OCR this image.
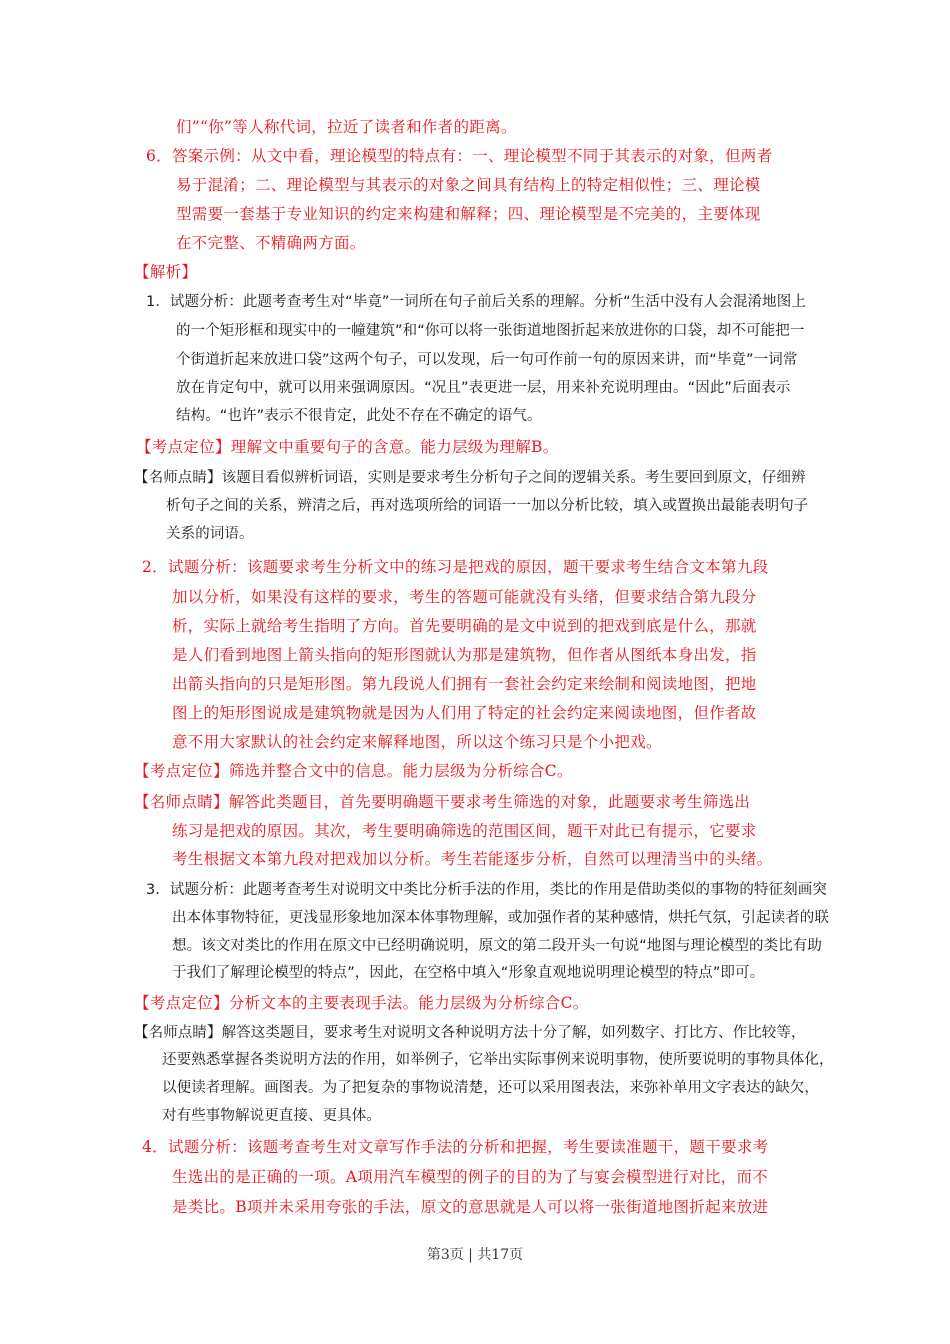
们”“你”等人称代词，拉近了读者和作者的距离。
6．答案示例：从文中看，理论模型的特点有：一、理论模型不同于其表示的对象，但两者
易于混淆；二、理论模型与其表示的对象之间具有结构上的特定相似性；三、理论模
型需要一套基于专业知识的约定来构建和解释；四、理论模型是不完美的，主要体现
在不完整、不精确两方面。
【解析】
1．试题分析：此题考查考生对“毕竟”一词所在句子前后关系的理解。分析“生活中没有人会混淆地图上
的一个矩形框和现实中的一幢建筑”和“你可以将一张街道地图折起来放进你的口袋，却不可能把一
个街道折起来放进口袋”这两个句子，可以发现，后一句可作前一句的原因来讲，而“毕竟”一词常
放在肯定句中，就可以用来强调原因。“况且”表更进一层，用来补充说明理由。“因此”后面表示
结构。“也许”表示不很肯定，此处不存在不确定的语气。
【考点定位】理解文中重要句子的含意。能力层级为理解B。
【名师点睛】该题目看似辨析词语，实则是要求考生分析句子之间的逻辑关系。考生要回到原文，仔细辨
析句子之间的关系，辨清之后，再对选项所给的词语一一加以分析比较，填入或置换出最能表明句子
关系的词语。
2．试题分析：该题要求考生分析文中的练习是把戏的原因，题干要求考生结合文本第九段
加以分析，如果没有这样的要求，考生的答题可能就没有头绪，但要求结合第九段分
析，实际上就给考生指明了方向。首先要明确的是文中说到的把戏到底是什么，那就
是人们看到地图上箭头指向的矩形图就认为那是建筑物，但作者从图纸本身出发，指
出箭头指向的只是矩形图。第九段说人们拥有一套社会约定来绘制和阅读地图，把地
图上的矩形图说成是建筑物就是因为人们用了特定的社会约定来阅读地图，但作者故
意不用大家默认的社会约定来解释地图，所以这个练习只是个小把戏。
【考点定位】筛选并整合文中的信息。能力层级为分析综合C。
【名师点睛】解答此类题目，首先要明确题干要求考生筛选的对象，此题要求考生筛选出
练习是把戏的原因。其次，考生要明确筛选的范围区间，题干对此已有提示，它要求
考生根据文本第九段对把戏加以分析。考生若能逐步分析，自然可以理清当中的头绪。
3．试题分析：此题考查考生对说明文中类比分析手法的作用，类比的作用是借助类似的事物的特征刻画突
出本体事物特征，更浅显形象地加深本体事物理解，或加强作者的某种感情，烘托气氛，引起读者的联
想。该文对类比的作用在原文中已经明确说明，原文的第二段开头一句说“地图与理论模型的类比有助
于我们了解理论模型的特点”，因此，在空格中填入“形象直观地说明理论模型的特点”即可。
【考点定位】分析文本的主要表现手法。能力层级为分析综合C。
【名师点睛】解答这类题目，要求考生对说明文各种说明方法十分了解，如列数字、打比方、作比较等，
还要熟悉掌握各类说明方法的作用，如举例子，它举出实际事例来说明事物，使所要说明的事物具体化，
以便读者理解。画图表。为了把复杂的事物说清楚，还可以采用图表法，来弥补单用文字表达的缺欠，
对有些事物解说更直接、更具体。
4．试题分析：该题考查考生对文章写作手法的分析和把握，考生要读准题干，题干要求考
生选出的是正确的一项。A项用汽车模型的例子的目的为了与宴会模型进行对比，而不
是类比。B项并未采用夸张的手法，原文的意思就是人可以将一张街道地图折起来放进
第3页 | 共17页
